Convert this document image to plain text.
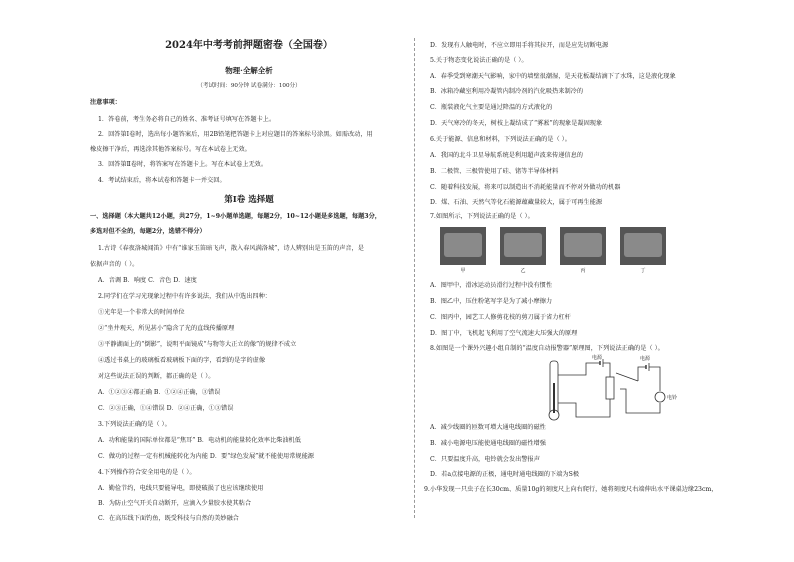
2024年中考考前押题密卷（全国卷）
物理·全解全析
（考试时间：90分钟 试卷满分：100分）
注意事项：
1．答卷前，考生务必将自己的姓名、准考证号填写在答题卡上。
2．回答第Ⅰ卷时，选出每小题答案后，用2B铅笔把答题卡上对应题目的答案标号涂黑。如需改动，用
橡皮擦干净后，再选涂其他答案标号。写在本试卷上无效。
3．回答第Ⅱ卷时，将答案写在答题卡上。写在本试卷上无效。
4．考试结束后，将本试卷和答题卡一并交回。
第Ⅰ卷 选择题
一、选择题（本大题共12小题，共27分，1~9小题单选题，每题2分，10~12小题是多选题，每题3分，
多选对但不全的，每题2分，选错不得分）
1.古诗《春夜洛城闻笛》中有“谁家玉笛暗飞声，散入春风满洛城”，诗人辨别出是玉笛的声音，是
依据声音的（ ）。
A．音调 B．响度 C．音色 D．速度
2.同学们在学习光现象过程中有许多说法，我们从中选出四种：
①光年是一个非常大的时间单位
②“坐井观天，所见甚小”隐含了光的直线传播原理
③平静湖面上的“倒影”，说明平面镜成“与物等大正立的像”的规律不成立
④透过书桌上的玻璃板看玻璃板下面的字，看到的是字的虚像
对这些说法正误的判断，都正确的是（ ）。
A．①②③④都正确 B．①②④正确，③错误
C．②③正确，①④错误 D．②④正确，①③错误
3.下列说法正确的是（ ）。
A．功和能量的国际单位都是“焦耳” B．电动机的能量转化效率比柴油机低
C．做功的过程一定有机械能转化为内能 D．要“绿色发展”就不能使用常规能源
4.下列操作符合安全用电的是（ ）。
A．勤俭节约，电线只要能导电，即使破损了也应该继续使用
B．为防止空气开关自动断开，应滴入少量胶水使其粘合
C．在高压线下面钓鱼，既受科技与自然的美妙融合
D．发现有人触电时，不应立即用手将其拉开，而是应先切断电源
5.关于物态变化说法正确的是（ ）。
A．春季受到寒潮天气影响，家中的墙壁很潮湿，是天花板凝结滴下了水珠，这是液化现象
B．冰箱冷藏室利用冷凝管内制冷剂的汽化吸热来制冷的
C．瓶装液化气主要是通过降温的方式液化的
D．天气寒冷的冬天，树枝上凝结成了“雾凇”的现象是凝固现象
6.关于能源、信息和材料，下列说法正确的是（ ）。
A．我国的北斗卫星导航系统是利用超声波来传递信息的
B．二极管、三极管使用了硅、锗等半导体材料
C．随着科技发展，将来可以制造出不消耗能量而不停对外做功的机器
D．煤、石油、天然气等化石能源蕴藏量较大，属于可再生能源
7.如图所示，下列说法正确的是（ ）。
甲	乙	丙	丁
A．图甲中，滑冰运动员滑行过程中没有惯性
B．图乙中，压住粉笔写字是为了减小摩擦力
C．图丙中，园艺工人修剪花枝的剪刀属于省力杠杆
D．图丁中，飞机起飞利用了空气流速大压强大的原理
8.如图是一个课外兴趣小组自制的“温度自动报警器”原理图，下列说法正确的是（ ）。
电源	电源
电铃
A．减少线圈的匝数可增大通电线圈的磁性
B．减小电源电压能使通电线圈的磁性增强
C．只要温度升高，电铃就会发出警报声
D．若a点接电源的正极，通电时通电线圈的下端为S极
9.小华发现一只虫子在长30cm、质量10g的刻度尺上向右爬行，她将刻度尺右端伸出水平课桌边缘23cm，
